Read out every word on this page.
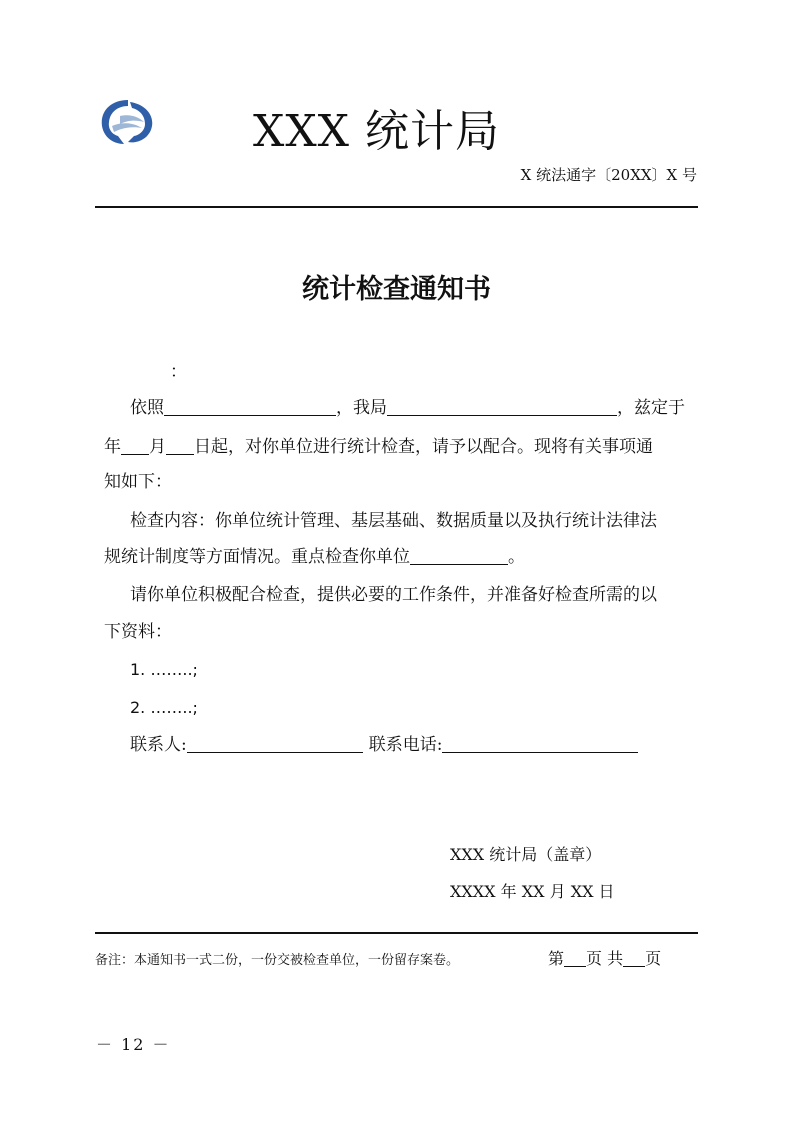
XXX 统计局
X 统法通字〔20XX〕X 号
统计检查通知书
：
依照	，我局	，兹定于
年 月 日起，对你单位进行统计检查，请予以配合。现将有关事项通
知如下：
检查内容：你单位统计管理、基层基础、数据质量以及执行统计法律法
规统计制度等方面情况。重点检查你单位	。
请你单位积极配合检查，提供必要的工作条件，并准备好检查所需的以
下资料：
1. ……..;
2. ……..;
联系人:	联系电话:
XXX 统计局（盖章）
XXXX 年 XX 月 XX 日
备注：本通知书一式二份，一份交被检查单位，一份留存案卷。	第 页 共 页
－ 12 －
